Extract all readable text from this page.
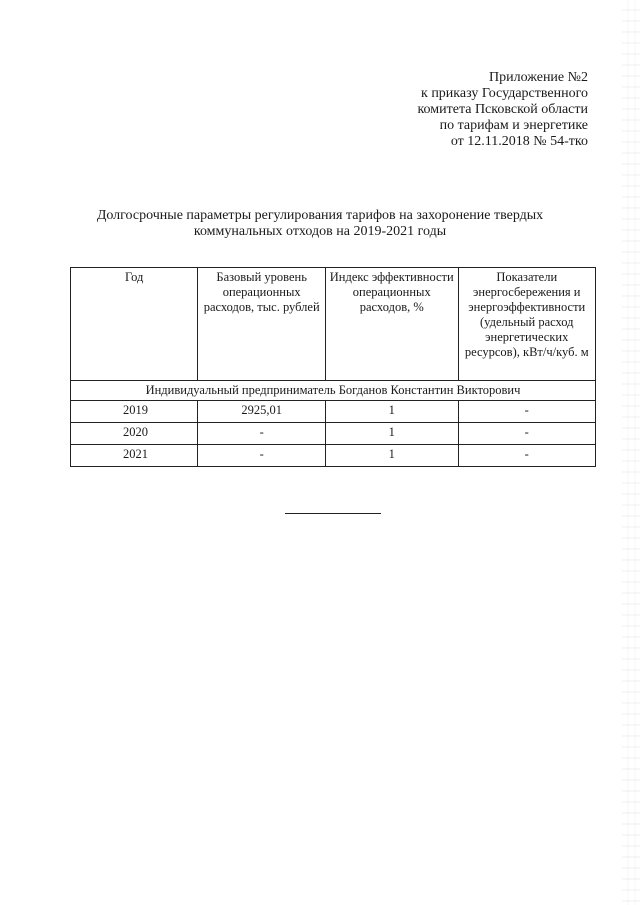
Приложение №2
к приказу Государственного
комитета Псковской области
по тарифам и энергетике
от 12.11.2018 № 54-тко
Долгосрочные параметры регулирования тарифов на захоронение твердых
коммунальных отходов на 2019-2021 годы
Год	Базовый уровень операционных расходов, тыс. рублей	Индекс эффективности операционных расходов, %	Показатели энергосбережения и энергоэффективности (удельный расход энергетических ресурсов), кВт/ч/куб. м
Индивидуальный предприниматель Богданов Константин Викторович			
2019	2925,01	1	-
2020	-	1	-
2021	-	1	-
